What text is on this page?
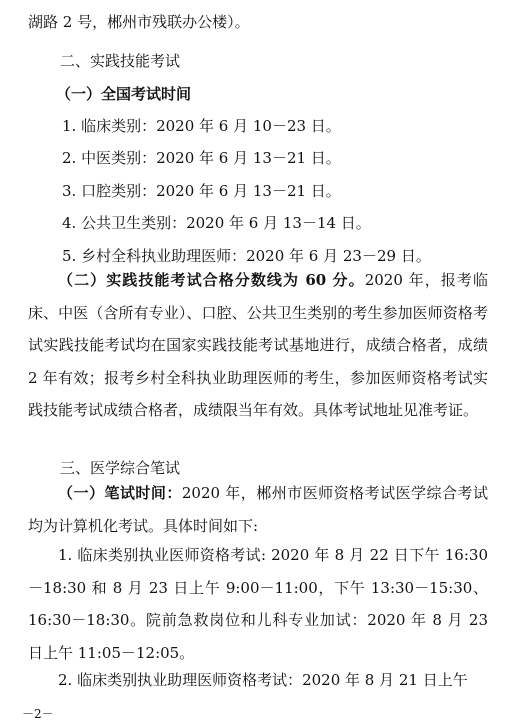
湖路 2 号，郴州市残联办公楼）。
二、实践技能考试
（一）全国考试时间
1. 临床类别：2020 年 6 月 10－23 日。
2. 中医类别：2020 年 6 月 13－21 日。
3. 口腔类别：2020 年 6 月 13－21 日。
4. 公共卫生类别：2020 年 6 月 13－14 日。
5. 乡村全科执业助理医师：2020 年 6 月 23－29 日。
（二）实践技能考试合格分数线为 60 分。2020 年，报考临床、中医（含所有专业）、口腔、公共卫生类别的考生参加医师资格考试实践技能考试均在国家实践技能考试基地进行，成绩合格者，成绩 2 年有效；报考乡村全科执业助理医师的考生，参加医师资格考试实践技能考试成绩合格者，成绩限当年有效。具体考试地址见准考证。
三、医学综合笔试
（一）笔试时间：2020 年，郴州市医师资格考试医学综合考试均为计算机化考试。具体时间如下:
1. 临床类别执业医师资格考试: 2020 年 8 月 22 日下午 16:30－18:30 和 8 月 23 日上午 9:00－11:00，下午 13:30－15:30、16:30－18:30。院前急救岗位和儿科专业加试：2020 年 8 月 23 日上午 11:05－12:05。
2. 临床类别执业助理医师资格考试：2020 年 8 月 21 日上午
－2－
